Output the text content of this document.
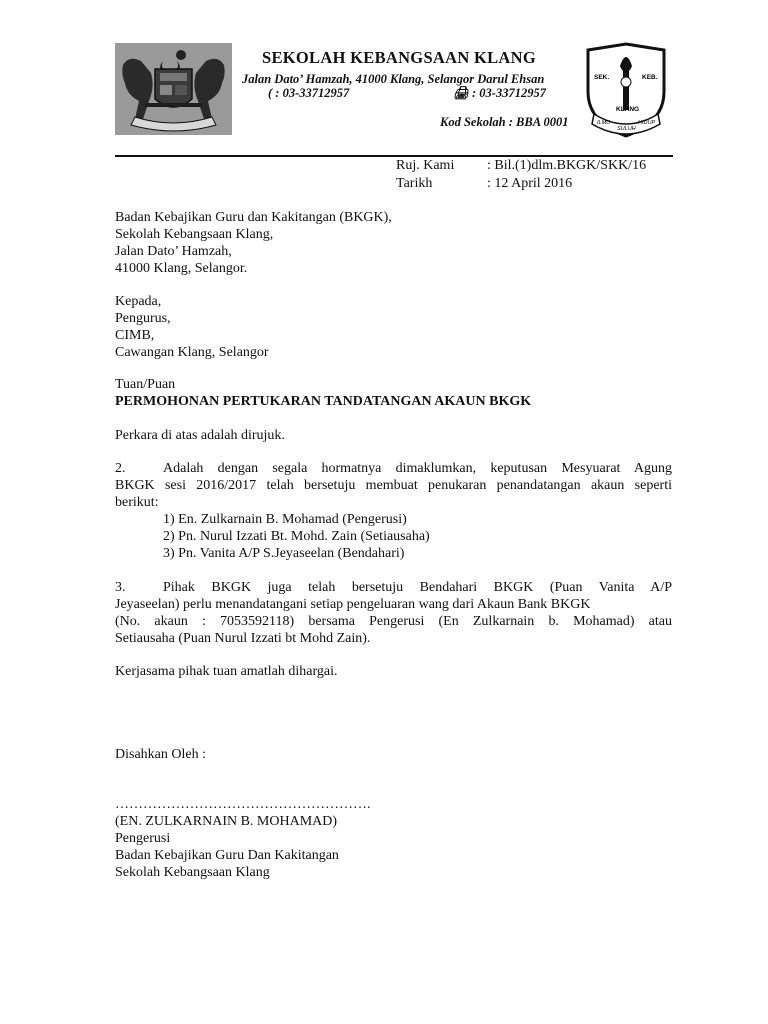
SEKOLAH KEBANGSAAN KLANG
Jalan Dato’ Hamzah, 41000 Klang, Selangor Darul Ehsan
( : 03-33712957	🖨 : 03-33712957
Kod Sekolah : BBA 0001
SEK.	KEB.
KLANG
ILMU
SULUH
HIDUP
Ruj. Kami : Bil.(1)dlm.BKGK/SKK/16
Tarikh	: 12 April 2016
Badan Kebajikan Guru dan Kakitangan (BKGK),
Sekolah Kebangsaan Klang,
Jalan Dato’ Hamzah,
41000 Klang, Selangor.
Kepada,
Pengurus,
CIMB,
Cawangan Klang, Selangor
Tuan/Puan
PERMOHONAN PERTUKARAN TANDATANGAN AKAUN BKGK
Perkara di atas adalah dirujuk.
2.	Adalah dengan segala hormatnya dimaklumkan, keputusan Mesyuarat Agung
BKGK sesi 2016/2017 telah bersetuju membuat penukaran penandatangan akaun seperti
berikut:
1) En. Zulkarnain B. Mohamad (Pengerusi)
2) Pn. Nurul Izzati Bt. Mohd. Zain (Setiausaha)
3) Pn. Vanita A/P S.Jeyaseelan (Bendahari)
3.	Pihak BKGK juga telah bersetuju Bendahari BKGK (Puan Vanita A/P
Jeyaseelan) perlu menandatangani setiap pengeluaran wang dari Akaun Bank BKGK
(No. akaun : 7053592118) bersama Pengerusi (En Zulkarnain b. Mohamad) atau
Setiausaha (Puan Nurul Izzati bt Mohd Zain).
Kerjasama pihak tuan amatlah dihargai.
Disahkan Oleh :
……………………………………………….
(EN. ZULKARNAIN B. MOHAMAD)
Pengerusi
Badan Kebajikan Guru Dan Kakitangan
Sekolah Kebangsaan Klang
